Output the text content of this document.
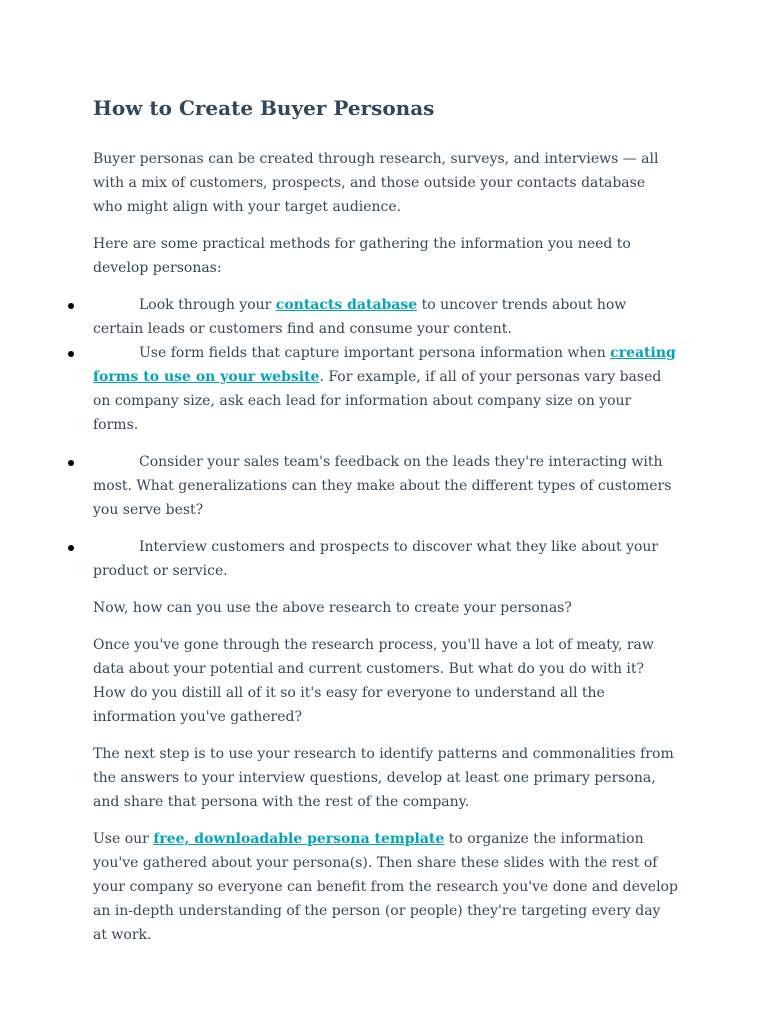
How to Create Buyer Personas

Buyer personas can be created through research, surveys, and interviews — all with a mix of customers, prospects, and those outside your contacts database who might align with your target audience.

Here are some practical methods for gathering the information you need to develop personas:

Look through your contacts database to uncover trends about how certain leads or customers find and consume your content.
Use form fields that capture important persona information when creating forms to use on your website. For example, if all of your personas vary based on company size, ask each lead for information about company size on your forms.
Consider your sales team's feedback on the leads they're interacting with most. What generalizations can they make about the different types of customers you serve best?
Interview customers and prospects to discover what they like about your product or service.

Now, how can you use the above research to create your personas?

Once you've gone through the research process, you'll have a lot of meaty, raw data about your potential and current customers. But what do you do with it? How do you distill all of it so it's easy for everyone to understand all the information you've gathered?

The next step is to use your research to identify patterns and commonalities from the answers to your interview questions, develop at least one primary persona, and share that persona with the rest of the company.

Use our free, downloadable persona template to organize the information you've gathered about your persona(s). Then share these slides with the rest of your company so everyone can benefit from the research you've done and develop an in-depth understanding of the person (or people) they're targeting every day at work.
